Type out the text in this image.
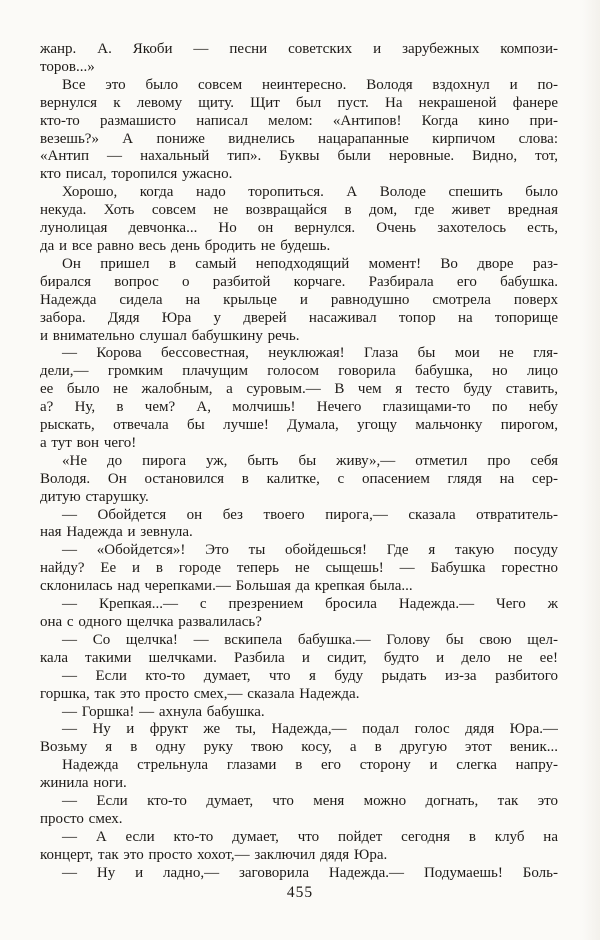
жанр. А. Якоби — песни советских и зарубежных компози-
торов...»
Все это было совсем неинтересно. Володя вздохнул и по-
вернулся к левому щиту. Щит был пуст. На некрашеной фанере
кто-то размашисто написал мелом: «Антипов! Когда кино при-
везешь?» А пониже виднелись нацарапанные кирпичом слова:
«Антип — нахальный тип». Буквы были неровные. Видно, тот,
кто писал, торопился ужасно.
Хорошо, когда надо торопиться. А Володе спешить было
некуда. Хоть совсем не возвращайся в дом, где живет вредная
лунолицая девчонка... Но он вернулся. Очень захотелось есть,
да и все равно весь день бродить не будешь.
Он пришел в самый неподходящий момент! Во дворе раз-
бирался вопрос о разбитой корчаге. Разбирала его бабушка.
Надежда сидела на крыльце и равнодушно смотрела поверх
забора. Дядя Юра у дверей насаживал топор на топорище
и внимательно слушал бабушкину речь.
— Корова бессовестная, неуклюжая! Глаза бы мои не гля-
дели,— громким плачущим голосом говорила бабушка, но лицо
ее было не жалобным, а суровым.— В чем я тесто буду ставить,
а? Ну, в чем? А, молчишь! Нечего глазищами-то по небу
рыскать, отвечала бы лучше! Думала, угощу мальчонку пирогом,
а тут вон чего!
«Не до пирога уж, быть бы живу»,— отметил про себя
Володя. Он остановился в калитке, с опасением глядя на сер-
дитую старушку.
— Обойдется он без твоего пирога,— сказала отвратитель-
ная Надежда и зевнула.
— «Обойдется»! Это ты обойдешься! Где я такую посуду
найду? Ее и в городе теперь не сыщешь! — Бабушка горестно
склонилась над черепками.— Большая да крепкая была...
— Крепкая...— с презрением бросила Надежда.— Чего ж
она с одного щелчка развалилась?
— Со щелчка! — вскипела бабушка.— Голову бы свою щел-
кала такими шелчками. Разбила и сидит, будто и дело не ее!
— Если кто-то думает, что я буду рыдать из-за разбитого
горшка, так это просто смех,— сказала Надежда.
— Горшка! — ахнула бабушка.
— Ну и фрукт же ты, Надежда,— подал голос дядя Юра.—
Возьму я в одну руку твою косу, а в другую этот веник...
Надежда стрельнула глазами в его сторону и слегка напру-
жинила ноги.
— Если кто-то думает, что меня можно догнать, так это
просто смех.
— А если кто-то думает, что пойдет сегодня в клуб на
концерт, так это просто хохот,— заключил дядя Юра.
— Ну и ладно,— заговорила Надежда.— Подумаешь! Боль-
455
